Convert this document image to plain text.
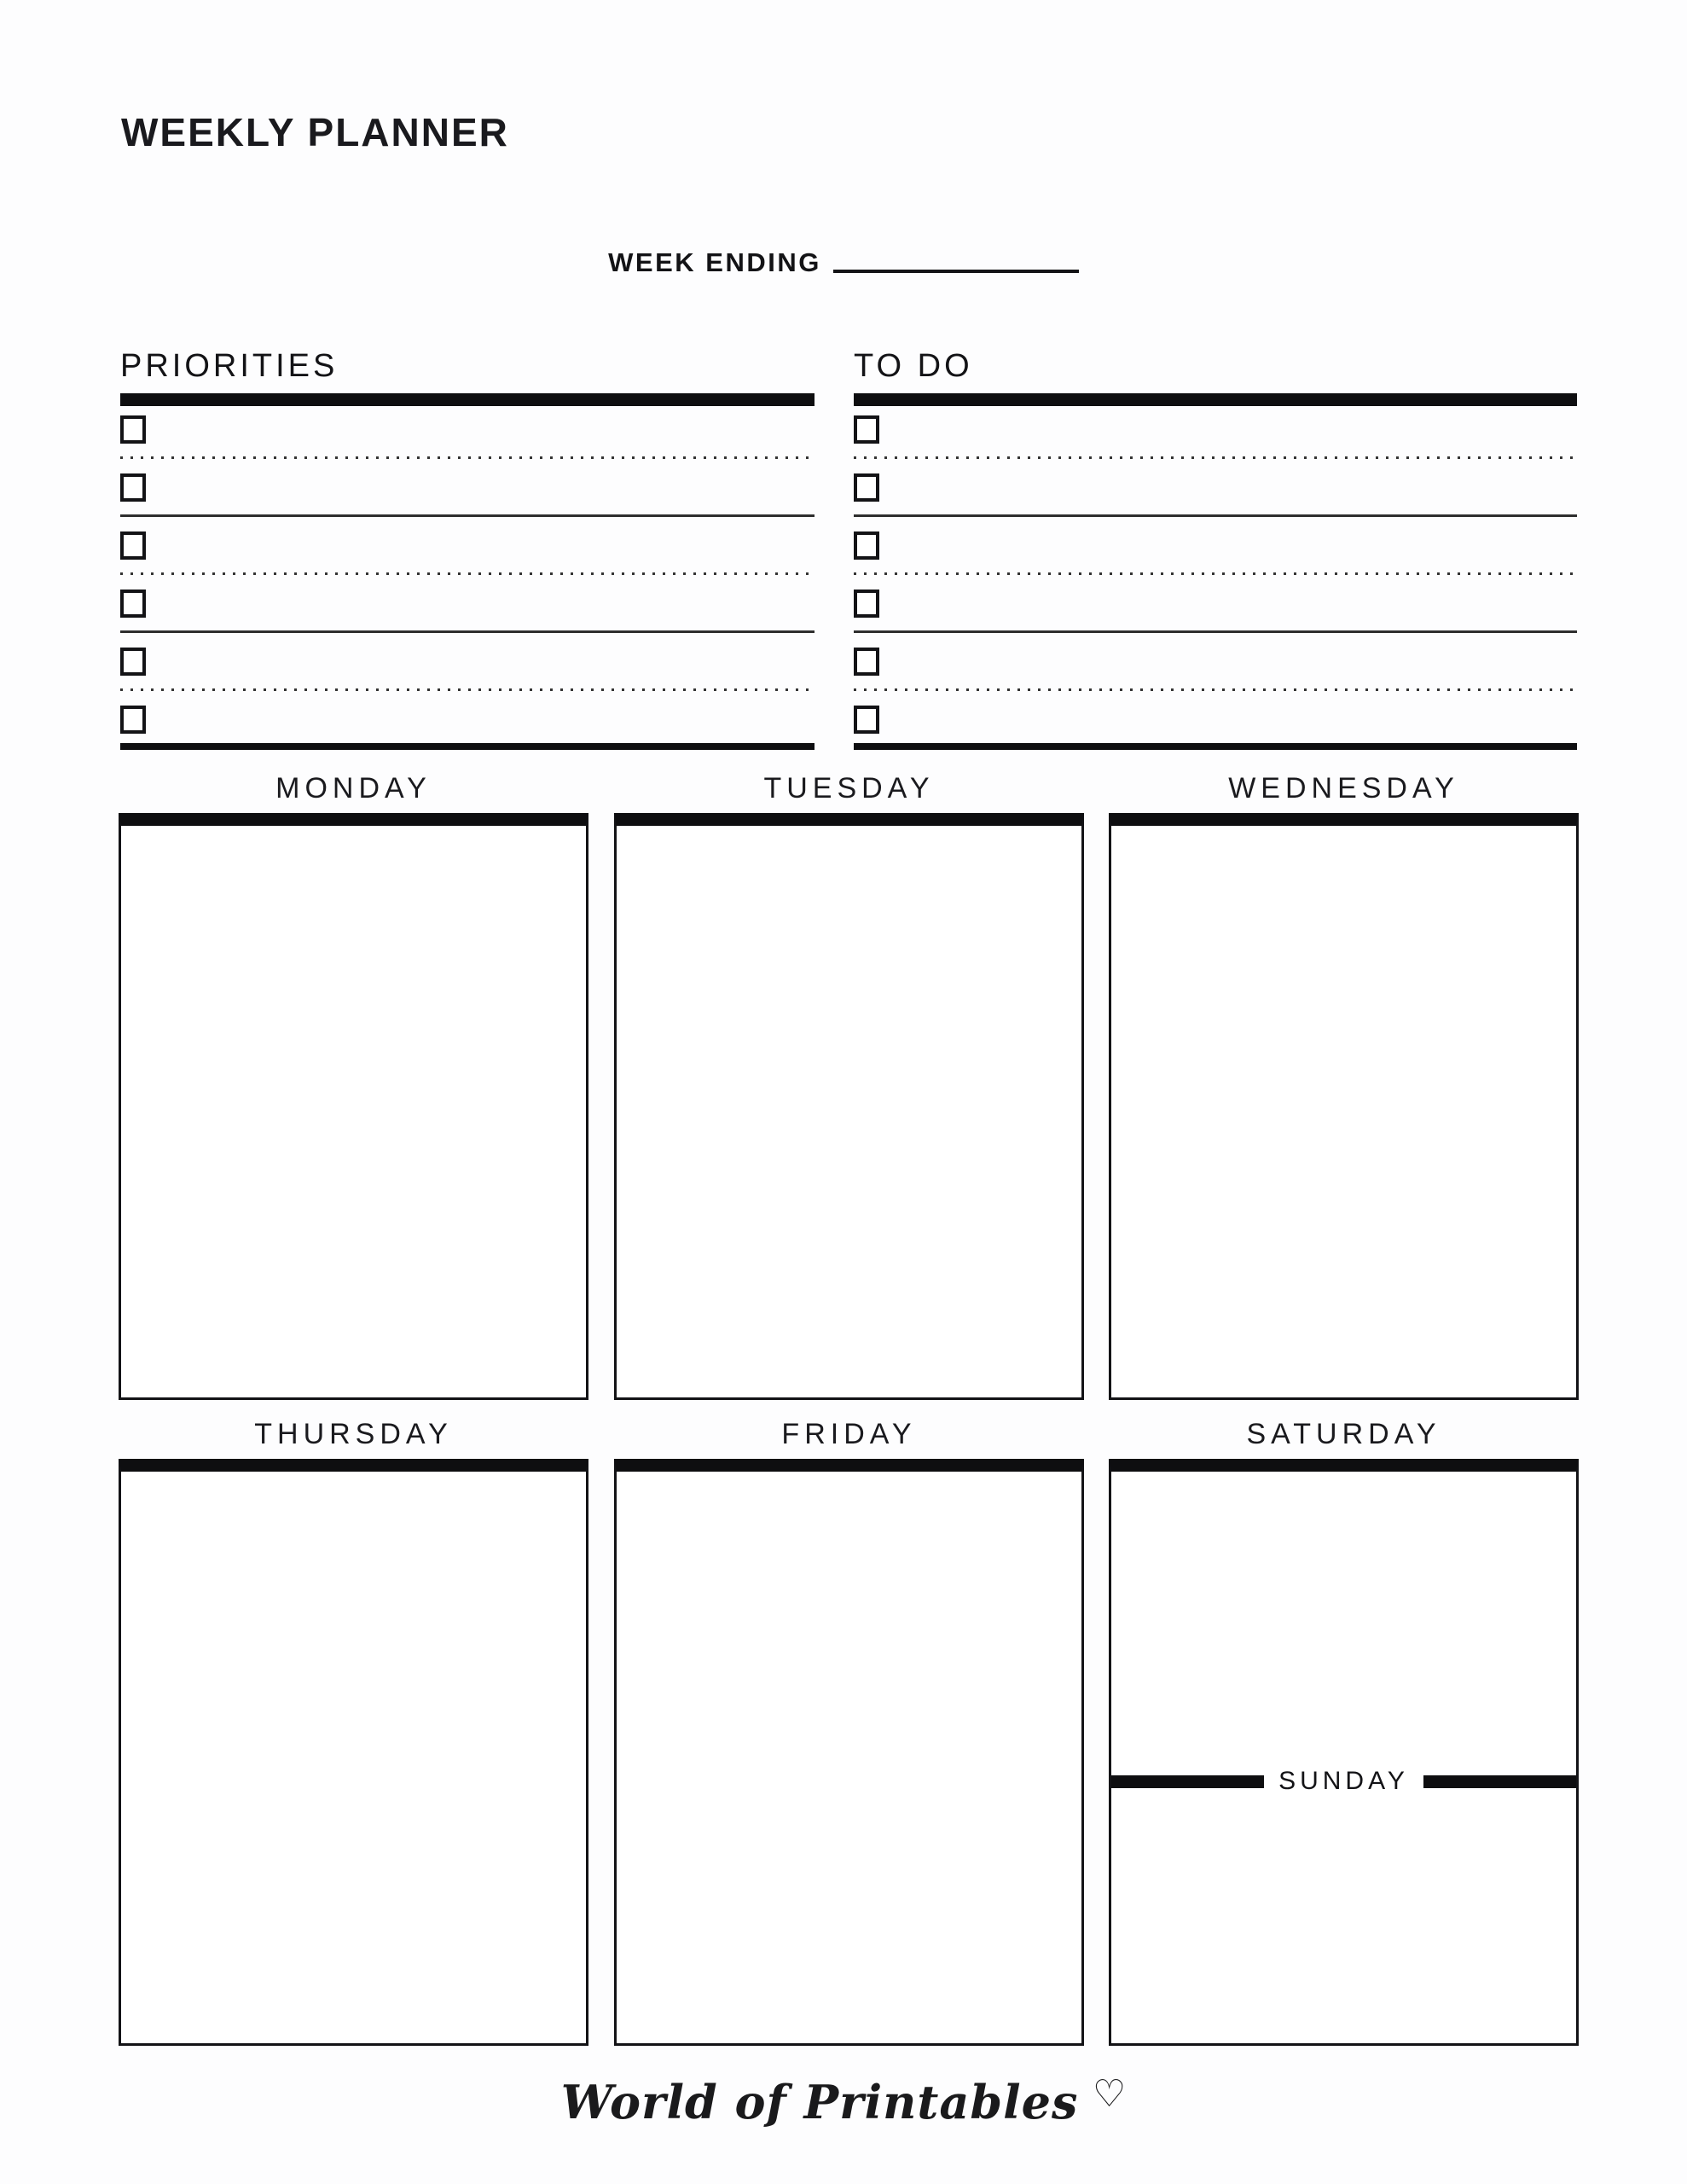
WEEKLY PLANNER
WEEK ENDING
PRIORITIES	TO DO
MONDAY	TUESDAY	WEDNESDAY
THURSDAY	FRIDAY	SATURDAY
SUNDAY
World of Printables ♡
